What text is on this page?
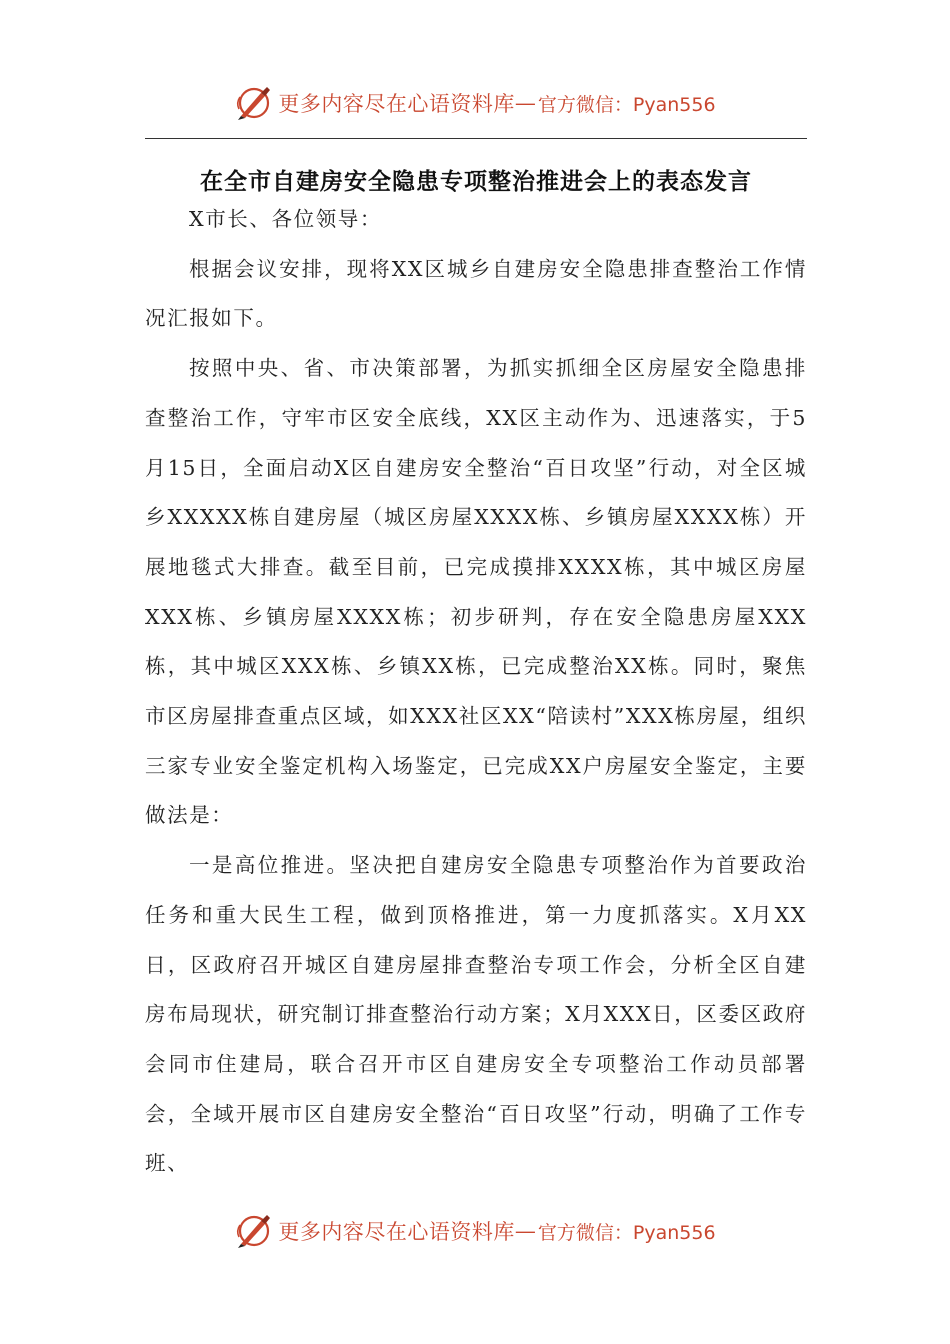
更多内容尽在心语资料库 — 官方微信：Pyan556
在全市自建房安全隐患专项整治推进会上的表态发言

X市长、各位领导：

根据会议安排，现将XX区城乡自建房安全隐患排查整治工作情况汇报如下。

按照中央、省、市决策部署，为抓实抓细全区房屋安全隐患排查整治工作，守牢市区安全底线，XX区主动作为、迅速落实，于5月15日，全面启动X区自建房安全整治“百日攻坚”行动，对全区城乡XXXXX栋自建房屋（城区房屋XXXX栋、乡镇房屋XXXX栋）开展地毯式大排查。截至目前，已完成摸排XXXX栋，其中城区房屋XXX栋、乡镇房屋XXXX栋；初步研判，存在安全隐患房屋XXX栋，其中城区XXX栋、乡镇XX栋，已完成整治XX栋。同时，聚焦市区房屋排查重点区域，如XXX社区XX“陪读村”XXX栋房屋，组织三家专业安全鉴定机构入场鉴定，已完成XX户房屋安全鉴定，主要做法是：

一是高位推进。坚决把自建房安全隐患专项整治作为首要政治任务和重大民生工程，做到顶格推进，第一力度抓落实。X月XX日，区政府召开城区自建房屋排查整治专项工作会，分析全区自建房布局现状，研究制订排查整治行动方案；X月XXX日，区委区政府会同市住建局，联合召开市区自建房安全专项整治工作动员部署会，全域开展市区自建房安全整治“百日攻坚”行动，明确了工作专班、

更多内容尽在心语资料库 — 官方微信：Pyan556
